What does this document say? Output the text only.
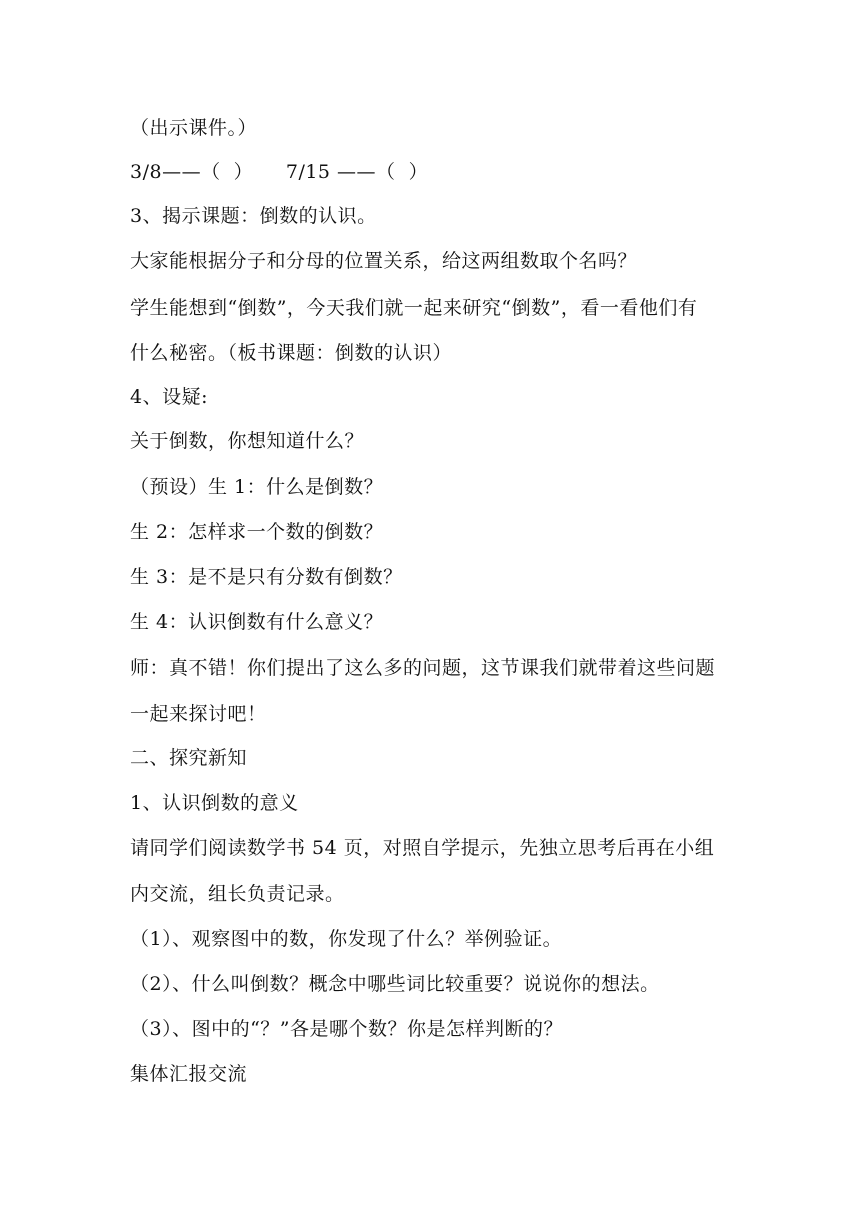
（出示课件。）
3/8——（  ）     7/15 ——（  ）
3、揭示课题：倒数的认识。
大家能根据分子和分母的位置关系，给这两组数取个名吗？
学生能想到“倒数”，今天我们就一起来研究“倒数”，看一看他们有
什么秘密。（板书课题：倒数的认识）
4、设疑:
关于倒数，你想知道什么？
（预设）生 1：什么是倒数？
生 2：怎样求一个数的倒数？
生 3：是不是只有分数有倒数？
生 4：认识倒数有什么意义？
师：真不错！你们提出了这么多的问题，这节课我们就带着这些问题
一起来探讨吧！
二、探究新知
1、认识倒数的意义
请同学们阅读数学书 54 页，对照自学提示，先独立思考后再在小组
内交流，组长负责记录。
（1）、观察图中的数，你发现了什么？举例验证。
（2）、什么叫倒数？概念中哪些词比较重要？说说你的想法。
（3）、图中的“？”各是哪个数？你是怎样判断的？
集体汇报交流
